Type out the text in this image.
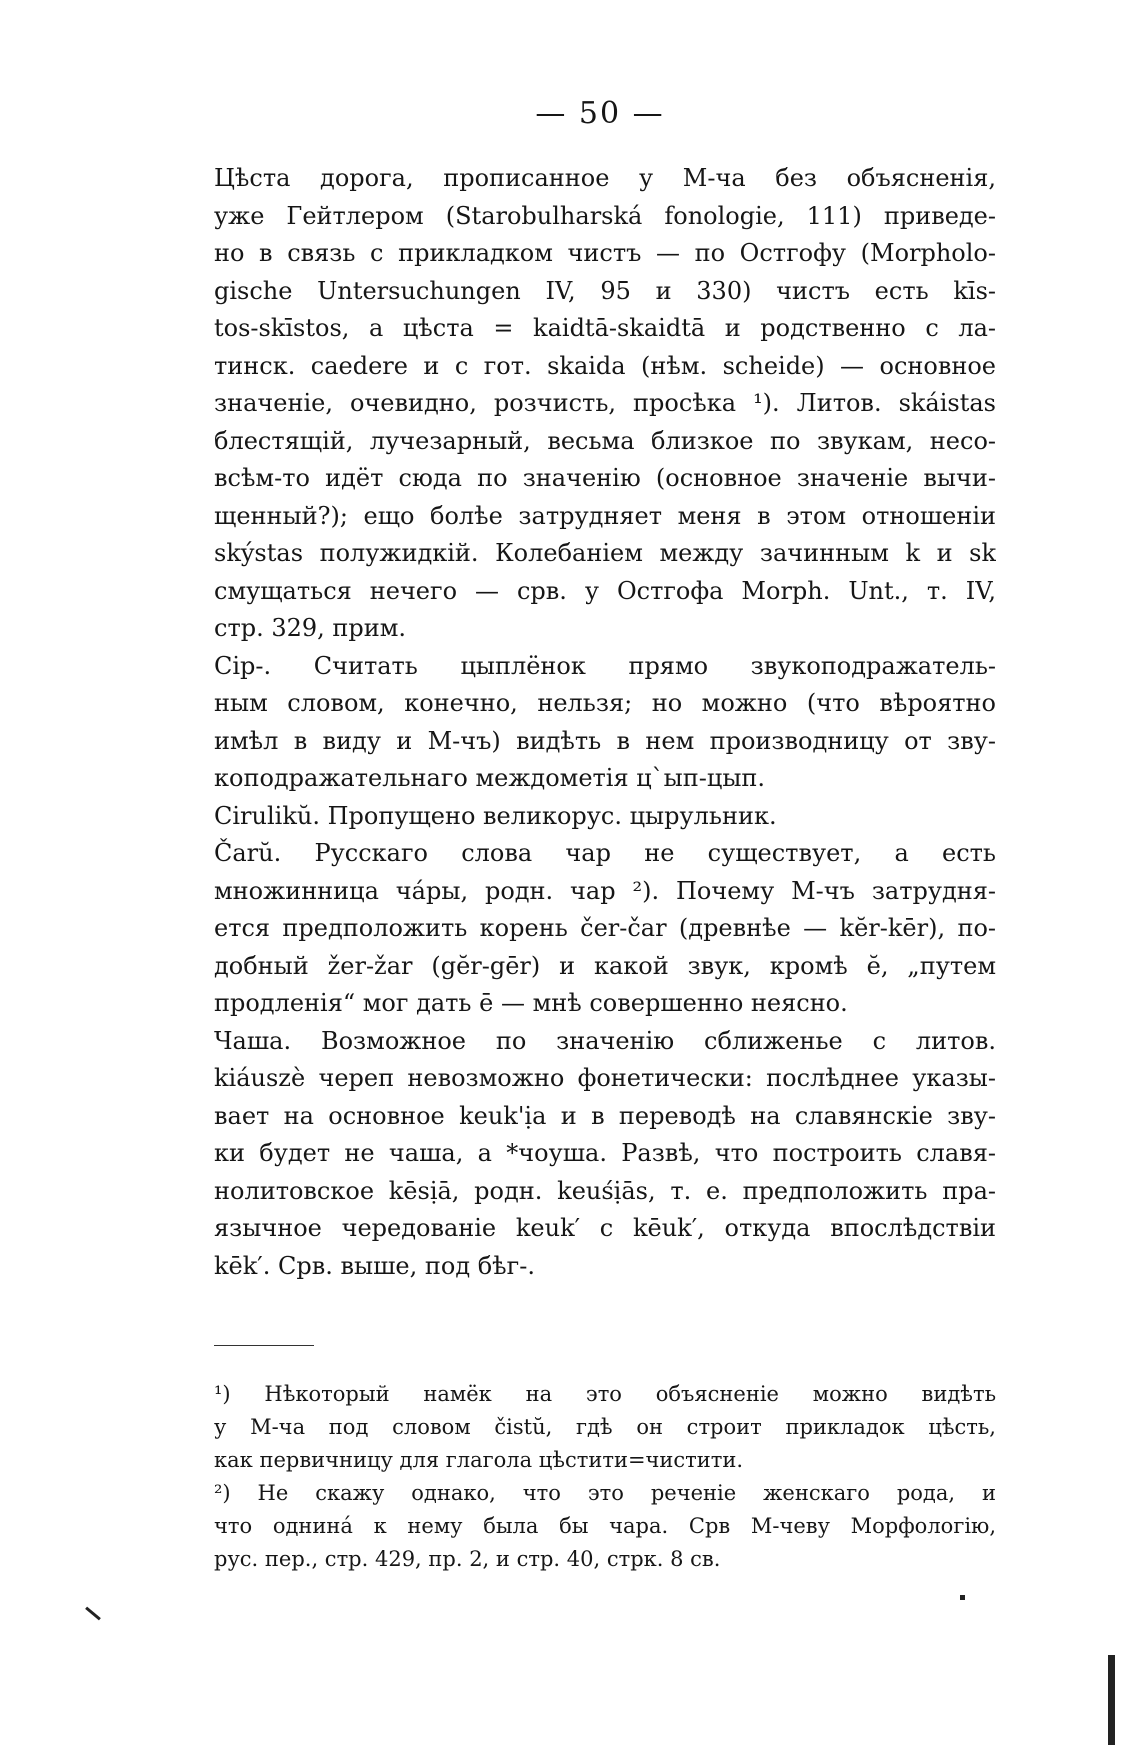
— 50 —
Цѣста дорога, прописанное у М-ча без объясненія,
уже Гейтлером (Starobulharská fonologie, 111) приведе-
но в связь с прикладком чистъ — по Остгофу (Morpholo-
gische Untersuchungen IV, 95 и 330) чистъ есть kīs-
tos-skīstos, а цѣста = kaidtā-skaidtā и родственно с ла-
тинск. caedere и с гот. skaidа (нѣм. scheide) — основное
значеніе, очевидно, розчисть, просѣка ¹). Литов. skáistas
блестящій, лучезарный, весьма близкое по звукам, несо-
всѣм-то идёт сюда по значенію (основное значеніе вычи-
щенный?); ещо болѣе затрудняет меня в этом отношеніи
skýstas полужидкій. Колебаніем между зачинным k и sk
смущаться нечего — срв. у Остгофа Morph. Unt., т. IV,
стр. 329, прим.
Cip-. Считать цыплёнок прямо звукоподражатель-
ным словом, конечно, нельзя; но можно (что вѣроятно
имѣл в виду и М-чъ) видѣть в нем производницу от зву-
коподражательнаго междометія ц`ып-цып.
Cirulikŭ. Пропущено великорус. цырульник.
Čarŭ. Русскаго слова чар не существует, а есть
множинница ча́ры, родн. чар ²). Почему М-чъ затрудня-
ется предположить корень čer-čar (древнѣе — kĕr-kēr), по-
добный žer-žar (gĕr-gēr) и какой звук, кромѣ ĕ, „путем
продленія“ мог дать ē — мнѣ совершенно неясно.
Чаша. Возможное по значенію сближенье с литов.
kiáuszè череп невозможно фонетически: послѣднее указы-
вает на основное keuk'ịa и в переводѣ на славянскіе зву-
ки будет не чаша, а *чоуша. Развѣ, что построить славя-
нолитовское kēsịā, родн. keuśịās, т. е. предположить пра-
язычное чередованіе keuk′ с kēuk′, откуда впослѣдствіи
kēk′. Срв. выше, под бѣг-.
¹) Нѣкоторый намёк на это объясненіе можно видѣть
у М-ча под словом čistŭ, гдѣ он строит прикладок цѣсть,
как первичницу для глагола цѣстити=чистити.
²) Не скажу однако, что это реченіе женскаго рода, и
что однина́ к нему была бы чара. Срв М-чеву Морфологію,
рус. пер., стр. 429, пр. 2, и стр. 40, стрк. 8 св.
